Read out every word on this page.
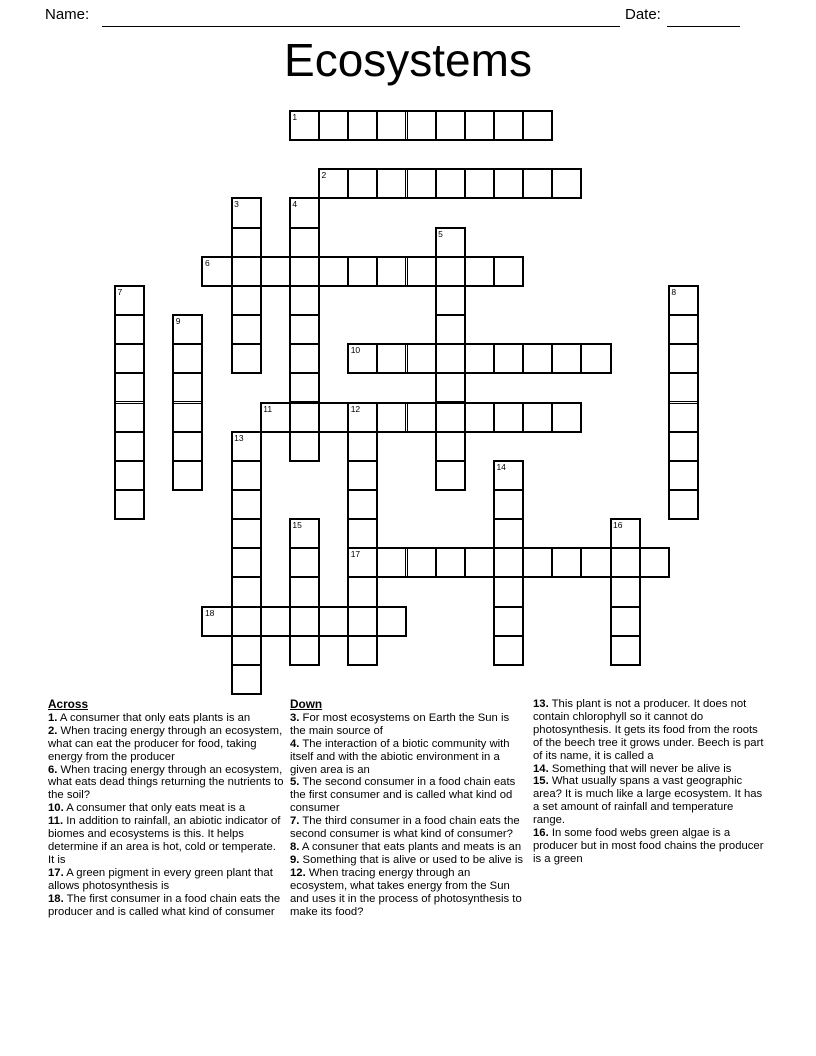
Name:	Date:
Ecosystems
1
2
6
10
11	12
17
18
3	4
5
7	8
9
13
14
15	16
Across
1. A consumer that only eats plants is an
2. When tracing energy through an ecosystem, what can eat the producer for food, taking energy from the producer
6. When tracing energy through an ecosystem, what eats dead things returning the nutrients to the soil?
10. A consumer that only eats meat is a
11. In addition to rainfall, an abiotic indicator of biomes and ecosystems is this. It helps determine if an area is hot, cold or temperate. It is
17. A green pigment in every green plant that allows photosynthesis is
18. The first consumer in a food chain eats the producer and is called what kind of consumer
Down
3. For most ecosystems on Earth the Sun is the main source of
4. The interaction of a biotic community with itself and with the abiotic environment in a given area is an
5. The second consumer in a food chain eats the first consumer and is called what kind od consumer
7. The third consumer in a food chain eats the second consumer is what kind of consumer?
8. A consuner that eats plants and meats is an
9. Something that is alive or used to be alive is
12. When tracing energy through an ecosystem, what takes energy from the Sun and uses it in the process of photosynthesis to make its food?
13. This plant is not a producer. It does not contain chlorophyll so it cannot do photosynthesis. It gets its food from the roots of the beech tree it grows under. Beech is part of its name, it is called a
14. Something that will never be alive is
15. What usually spans a vast geographic area? It is much like a large ecosystem. It has a set amount of rainfall and temperature range.
16. In some food webs green algae is a producer but in most food chains the producer is a green
